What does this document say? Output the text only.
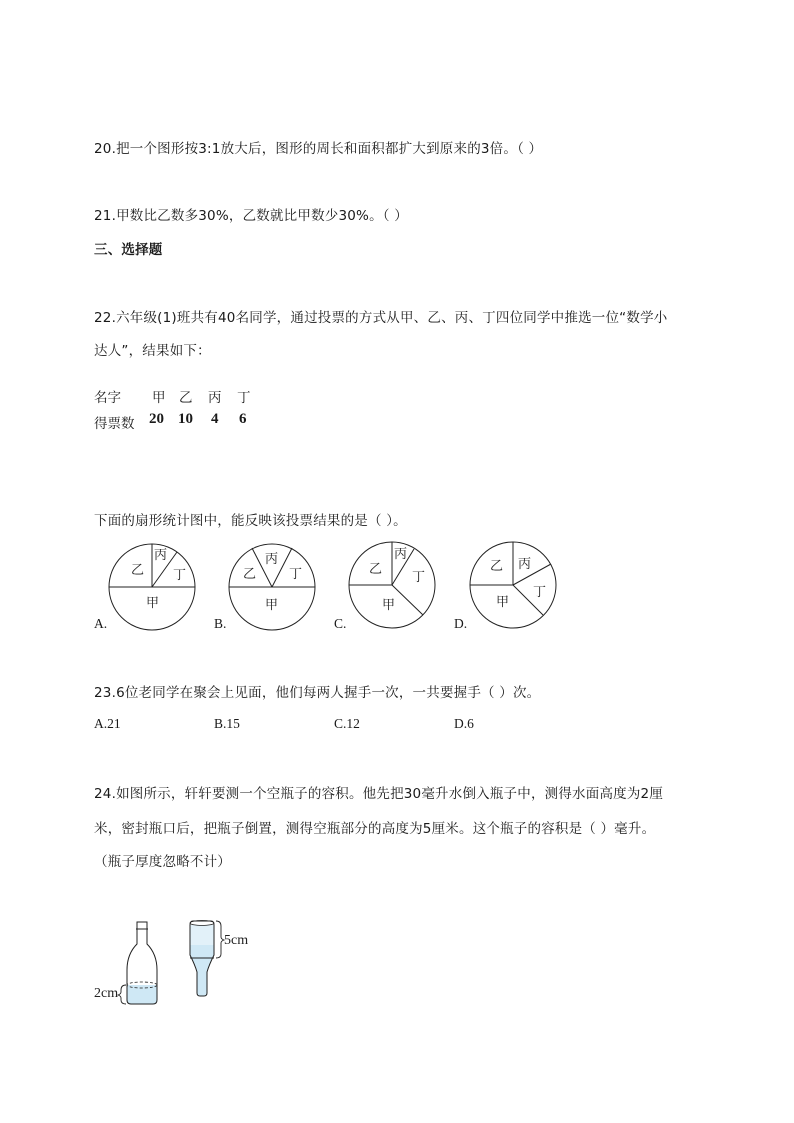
20.把一个图形按3:1放大后，图形的周长和面积都扩大到原来的3倍。（ ）
21.甲数比乙数多30%，乙数就比甲数少30%。（ ）
三、选择题
22.六年级(1)班共有40名同学，通过投票的方式从甲、乙、丙、丁四位同学中推选一位“数学小
达人”，结果如下：
名字 甲 乙 丙 丁
得票数 20 10 4 6
下面的扇形统计图中，能反映该投票结果的是（ ）。
乙
丙
丁
甲
乙
丙
丁
甲
乙
丙
丁
甲
乙 丙
丁
甲
A.	B.	C.	D.
23.6位老同学在聚会上见面，他们每两人握手一次，一共要握手（ ）次。
A.21	B.15	C.12	D.6
24.如图所示，轩轩要测一个空瓶子的容积。他先把30毫升水倒入瓶子中，测得水面高度为2厘
米，密封瓶口后，把瓶子倒置，测得空瓶部分的高度为5厘米。这个瓶子的容积是（ ）毫升。
（瓶子厚度忽略不计）
2cm
5cm
